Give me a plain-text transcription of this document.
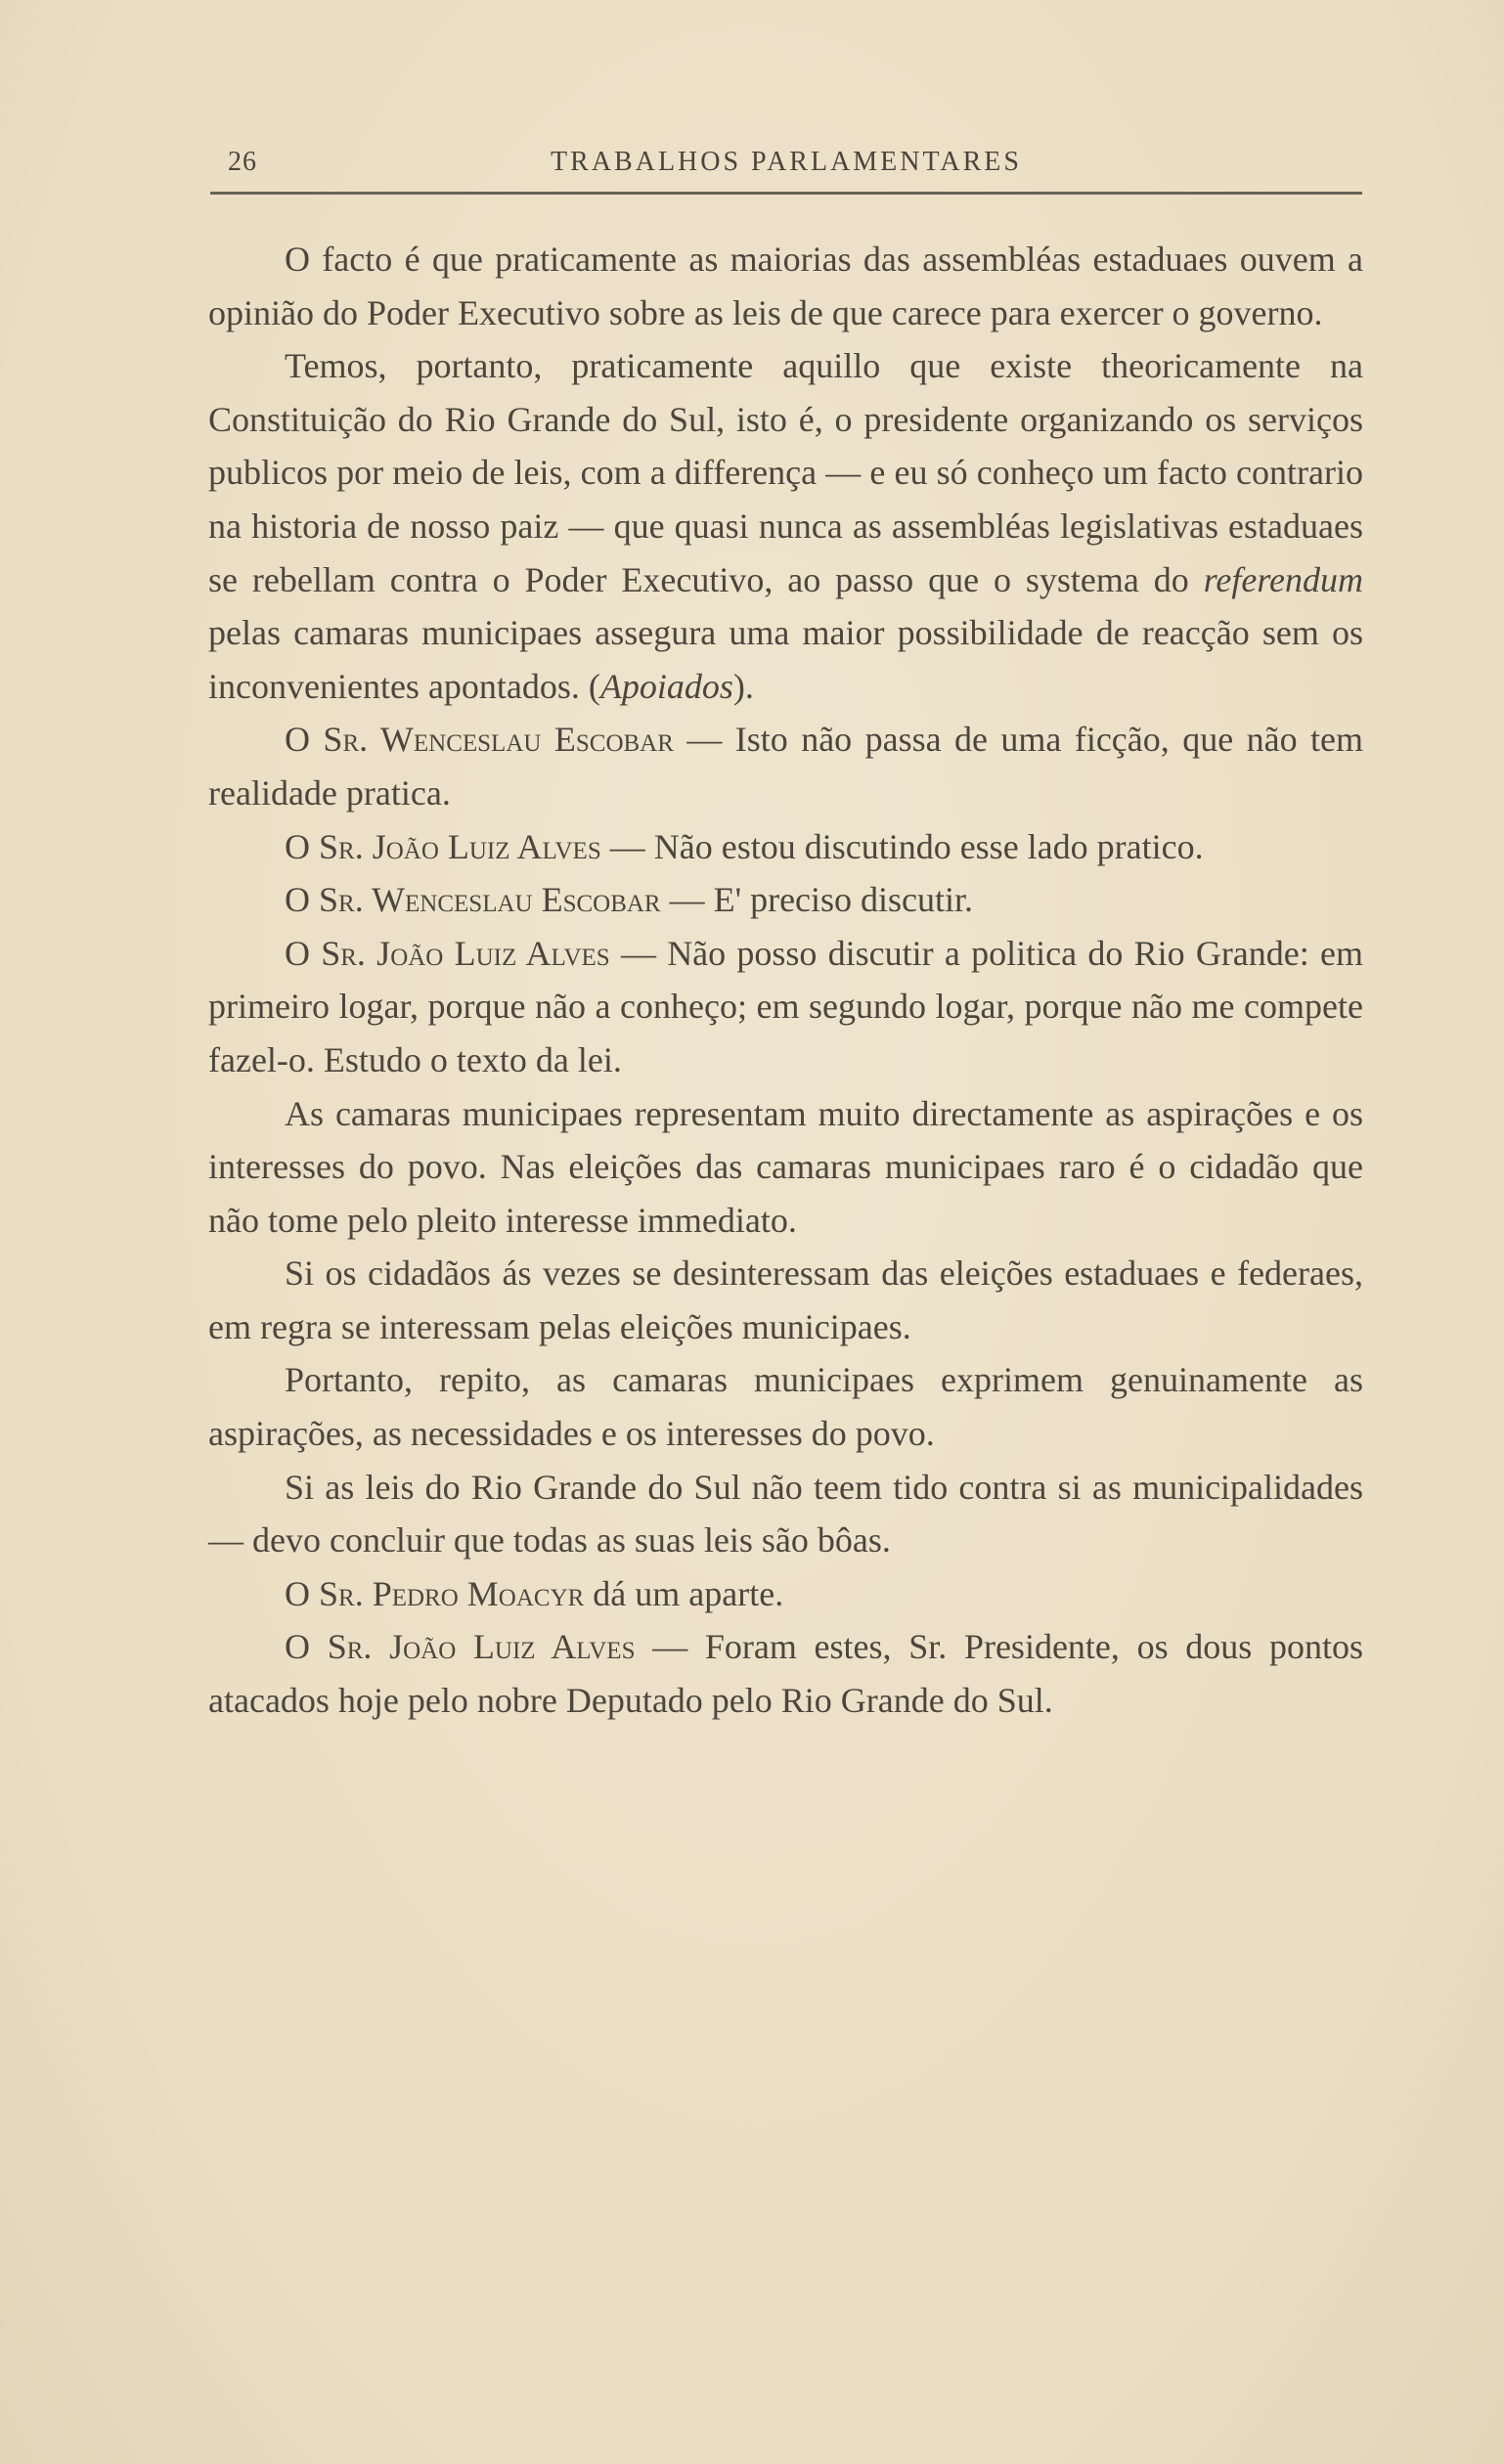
26	TRABALHOS PARLAMENTARES

O facto é que praticamente as maiorias das assembléas estaduaes ouvem a opinião do Poder Executivo sobre as leis de que carece para exercer o governo.

Temos, portanto, praticamente aquillo que existe theoricamente na Constituição do Rio Grande do Sul, isto é, o presidente organizando os serviços publicos por meio de leis, com a differença — e eu só conheço um facto contrario na historia de nosso paiz — que quasi nunca as assembléas legislativas estaduaes se rebellam contra o Poder Executivo, ao passo que o systema do referendum pelas camaras municipaes assegura uma maior possibilidade de reacção sem os inconvenientes apontados. (Apoiados).

O Sr. Wenceslau Escobar — Isto não passa de uma ficção, que não tem realidade pratica.

O Sr. João Luiz Alves — Não estou discutindo esse lado pratico.

O Sr. Wenceslau Escobar — E' preciso discutir.

O Sr. João Luiz Alves — Não posso discutir a politica do Rio Grande: em primeiro logar, porque não a conheço; em segundo logar, porque não me compete fazel-o. Estudo o texto da lei.

As camaras municipaes representam muito directamente as aspirações e os interesses do povo. Nas eleições das camaras municipaes raro é o cidadão que não tome pelo pleito interesse immediato.

Si os cidadãos ás vezes se desinteressam das eleições estaduaes e federaes, em regra se interessam pelas eleições municipaes.

Portanto, repito, as camaras municipaes exprimem genuinamente as aspirações, as necessidades e os interesses do povo.

Si as leis do Rio Grande do Sul não teem tido contra si as municipalidades — devo concluir que todas as suas leis são bôas.

O Sr. Pedro Moacyr dá um aparte.

O Sr. João Luiz Alves — Foram estes, Sr. Presidente, os dous pontos atacados hoje pelo nobre Deputado pelo Rio Grande do Sul.
